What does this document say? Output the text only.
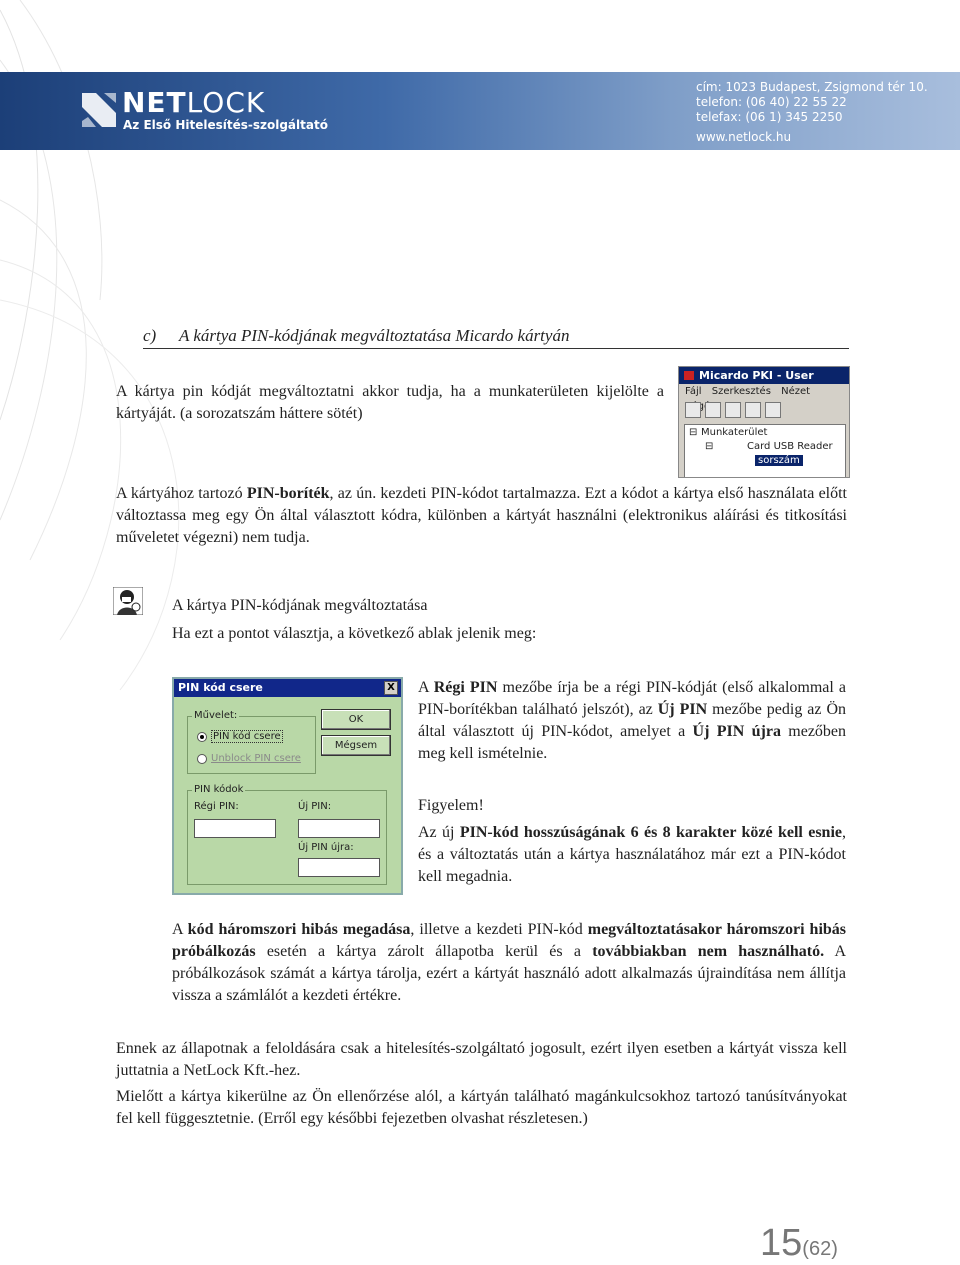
NETLOCK
Az Első Hitelesítés-szolgáltató
cím: 1023 Budapest, Zsigmond tér 10.
telefon: (06 40) 22 55 22
telefax: (06 1) 345 2250
www.netlock.hu
c) A kártya PIN-kódjának megváltoztatása Micardo kártyán

A kártya pin kódját megváltoztatni akkor tudja, ha a munkaterületen kijelölte a kártyáját. (a sorozatszám háttere sötét)

Micardo PKI - User
Fájl Szerkesztés Nézet
⊟ Munkaterület
⊟	Card USB Reader
sorszám

A kártyához tartozó PIN-boríték, az ún. kezdeti PIN-kódot tartalmazza. Ezt a kódot a kártya első használata előtt változtassa meg egy Ön által választott kódra, különben a kártyát használni (elektronikus aláírási és titkosítási műveletet végezni) nem tudja.

A kártya PIN-kódjának megváltoztatása
Ha ezt a pontot választja, a következő ablak jelenik meg:
PIN kód csere	X
Művelet:
PIN kód csere
Unblock PIN csere
OK
Mégsem
PIN kódok
Régi PIN:	Új PIN:
Új PIN újra:

A Régi PIN mezőbe írja be a régi PIN-kódját (első alkalommal a PIN-borítékban található jelszót), az Új PIN mezőbe pedig az Ön által választott új PIN-kódot, amelyet a Új PIN újra mezőben meg kell ismételnie.

Figyelem!

Az új PIN-kód hosszúságának 6 és 8 karakter közé kell esnie, és a változtatás után a kártya használatához már ezt a PIN-kódot kell megadnia.

A kód háromszori hibás megadása, illetve a kezdeti PIN-kód megváltoztatásakor háromszori hibás próbálkozás esetén a kártya zárolt állapotba kerül és a továbbiakban nem használható. A próbálkozások számát a kártya tárolja, ezért a kártyát használó adott alkalmazás újraindítása nem állítja vissza a számlálót a kezdeti értékre.

Ennek az állapotnak a feloldására csak a hitelesítés-szolgáltató jogosult, ezért ilyen esetben a kártyát vissza kell juttatnia a NetLock Kft.-hez.

Mielőtt a kártya kikerülne az Ön ellenőrzése alól, a kártyán található magánkulcsokhoz tartozó tanúsítványokat fel kell függesztetnie. (Erről egy későbbi fejezetben olvashat részletesen.)

15(62)
